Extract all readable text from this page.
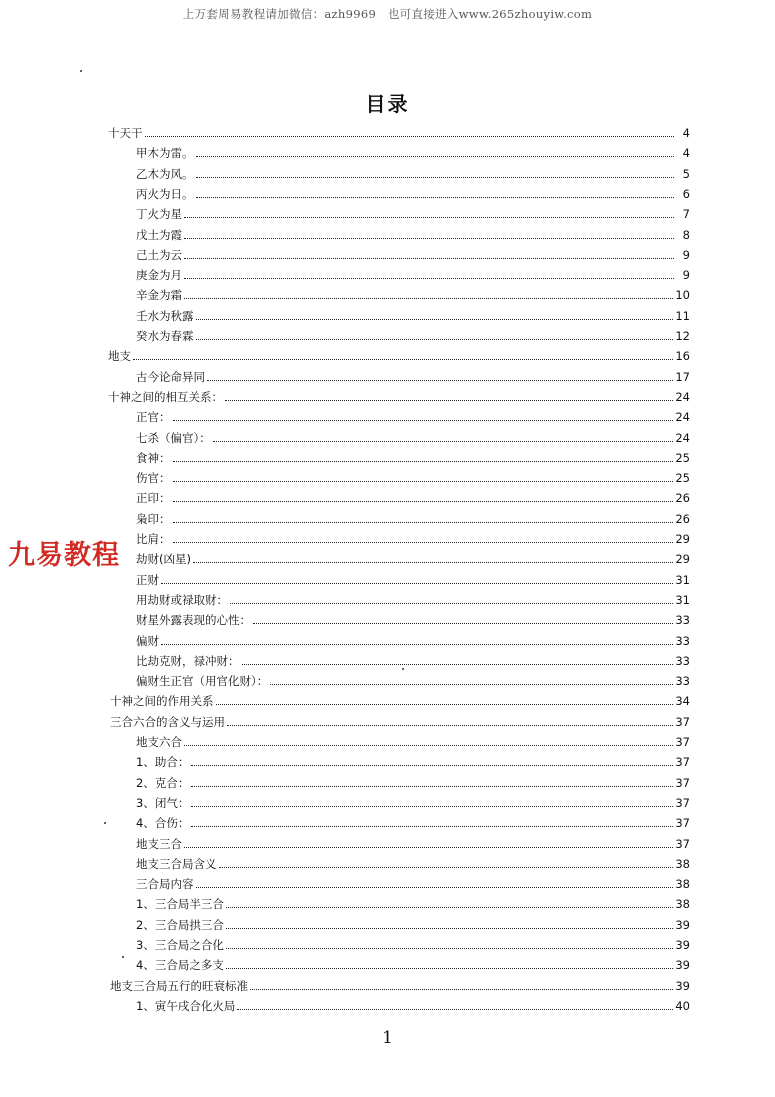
上万套周易教程请加微信：azh9969　也可直接进入www.265zhouyiw.com
目录
十天干	4
甲木为雷。	4
乙木为风。	5
丙火为日。	6
丁火为星	7
戊土为霞	8
己土为云	9
庚金为月	9
辛金为霜	10
壬水为秋露	11
癸水为春霖	12
地支	16
古今论命异同	17
十神之间的相互关系：	24
正官：	24
七杀（偏官）：	24
食神：	25
伤官：	25
正印：	26
枭印：	26
比肩：	29
劫财(凶星)	29
正财	31
用劫财或禄取财：	31
财星外露表现的心性：	33
偏财	33
比劫克财，禄冲财：	33
偏财生正官（用官化财）：	33
十神之间的作用关系	34
三合六合的含义与运用	37
地支六合	37
1、助合：	37
2、克合：	37
3、闭气：	37
4、合伤：	37
地支三合	37
地支三合局含义	38
三合局内容	38
1、三合局半三合	38
2、三合局拱三合	39
3、三合局之合化	39
4、三合局之多支	39
地支三合局五行的旺衰标准	39
1、寅午戌合化火局	40
九易教程
1
